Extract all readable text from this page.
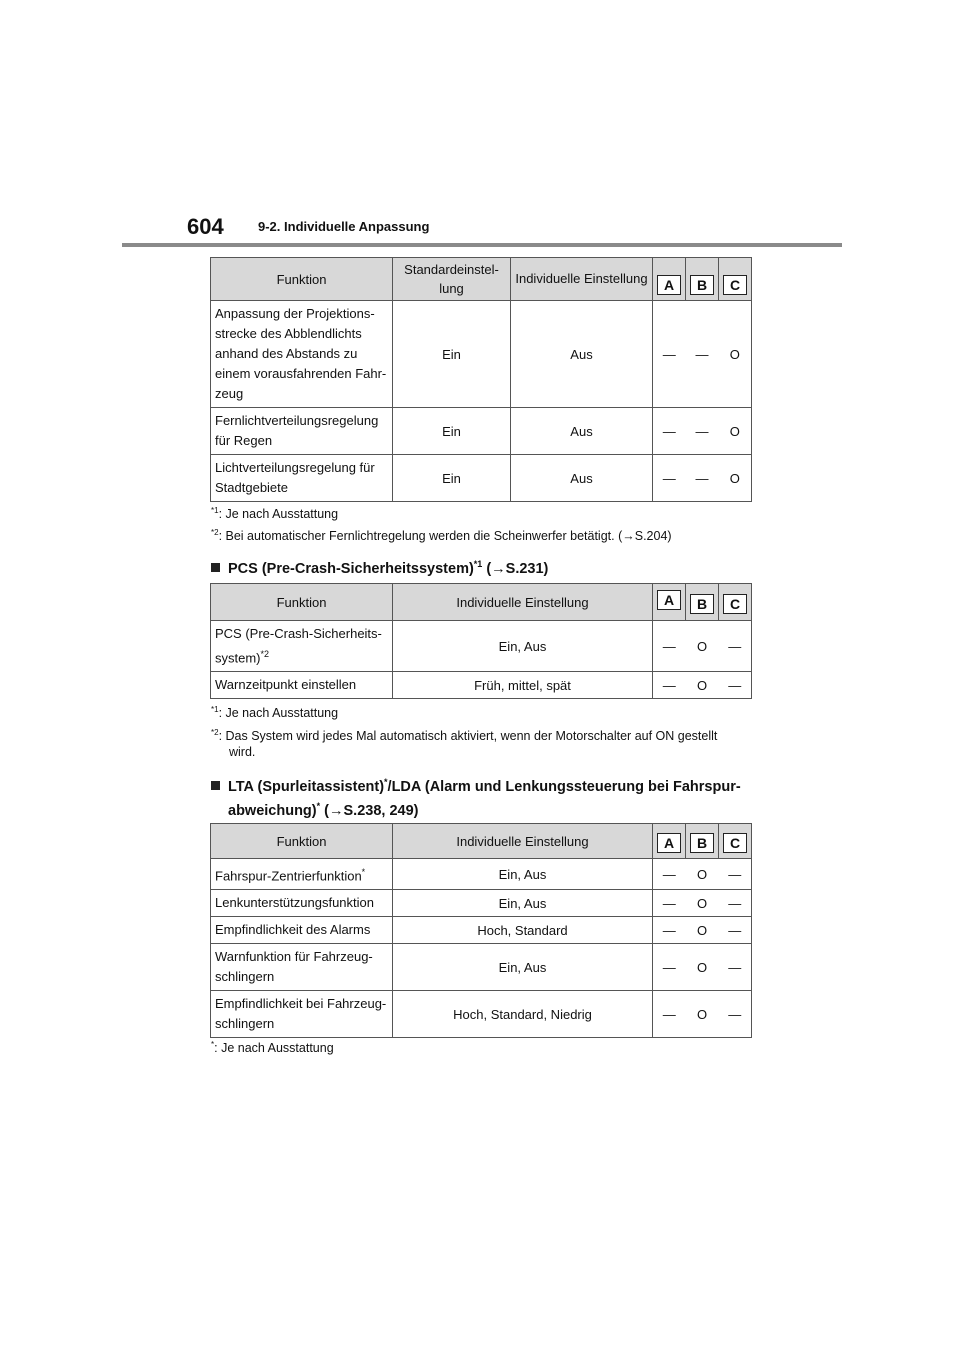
604	9-2. Individuelle Anpassung
Funktion	Standardeinstel-
lung	Individuelle Einstellung	A	B	C

Anpassung der Projektions-
strecke des Abblendlichts
anhand des Abstands zu
einem vorausfahrenden Fahr-
zeug	Ein	Aus	—	—	O
Fernlichtverteilungsregelung
für Regen	Ein	Aus	—	—	O
Lichtverteilungsregelung für
Stadtgebiete	Ein	Aus	—	—	O
$^{*1}$: Je nach Ausstattung
$^{*2}$: Bei automatischer Fernlichtregelung werden die Scheinwerfer betätigt. (→S.204)
PCS (Pre-Crash-Sicherheitssystem)$^{*1}$ (→S.231)
Funktion	Individuelle Einstellung	A	B	C

PCS (Pre-Crash-Sicherheits-
system)$^{*2}$	Ein, Aus	—	O	—
Warnzeitpunkt einstellen	Früh, mittel, spät	—	O	—
$^{*1}$: Je nach Ausstattung
$^{*2}$: Das System wird jedes Mal automatisch aktiviert, wenn der Motorschalter auf ON gestellt
wird.
LTA (Spurleitassistent)*/LDA (Alarm und Lenkungssteuerung bei Fahrspur-
abweichung)* (→S.238, 249)
Funktion	Individuelle Einstellung	A	B	C

Fahrspur-Zentrierfunktion*	Ein, Aus	—	O	—
Lenkunterstützungsfunktion	Ein, Aus	—	O	—
Empfindlichkeit des Alarms	Hoch, Standard	—	O	—
Warnfunktion für Fahrzeug-
schlingern	Ein, Aus	—	O	—
Empfindlichkeit bei Fahrzeug-
schlingern	Hoch, Standard, Niedrig	—	O	—
*: Je nach Ausstattung
